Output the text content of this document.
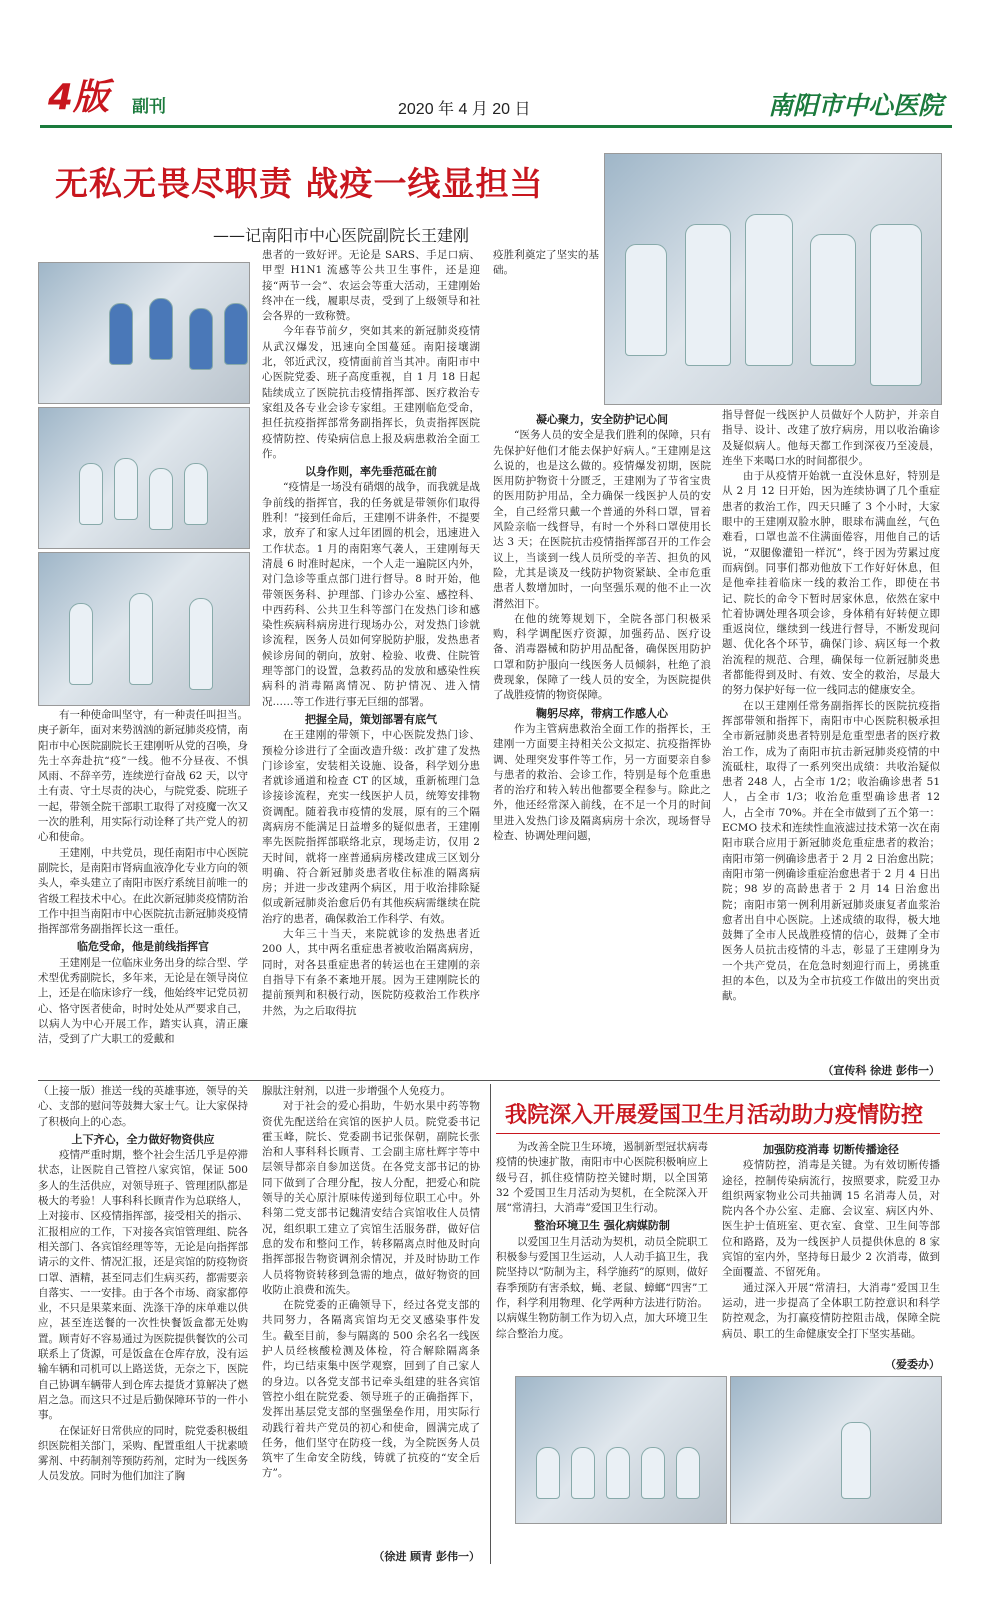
4版 副刊	2020 年 4 月 20 日	南阳市中心医院
无私无畏尽职责 战疫一线显担当
——记南阳市中心医院副院长王建刚

有一种使命叫坚守，有一种责任叫担当。庚子新年，面对来势汹汹的新冠肺炎疫情，南阳市中心医院副院长王建刚听从党的召唤，身先士卒奔赴抗“疫”一线。他不分昼夜、不惧风雨、不辞辛劳，连续逆行奋战 62 天，以守土有责、守土尽责的决心，与院党委、院班子一起，带领全院干部职工取得了对疫魔一次又一次的胜利，用实际行动诠释了共产党人的初心和使命。

王建刚，中共党员，现任南阳市中心医院副院长，是南阳市肾病血液净化专业方向的领头人，牵头建立了南阳市医疗系统目前唯一的省级工程技术中心。在此次新冠肺炎疫情防治工作中担当南阳市中心医院抗击新冠肺炎疫情指挥部常务副指挥长这一重任。

临危受命，他是前线指挥官

王建刚是一位临床业务出身的综合型、学术型优秀副院长，多年来，无论是在领导岗位上，还是在临床诊疗一线，他始终牢记党员初心、恪守医者使命，时时处处从严要求自己，以病人为中心开展工作，踏实认真，清正廉洁，受到了广大职工的爱戴和

患者的一致好评。无论是 SARS、手足口病、甲型 H1N1 流感等公共卫生事件，还是迎接“两节一会”、农运会等重大活动，王建刚始终冲在一线，履职尽责，受到了上级领导和社会各界的一致称赞。

今年春节前夕，突如其来的新冠肺炎疫情从武汉爆发，迅速向全国蔓延。南阳接壤湖北，邻近武汉，疫情面前首当其冲。南阳市中心医院党委、班子高度重视，自 1 月 18 日起陆续成立了医院抗击疫情指挥部、医疗救治专家组及各专业会诊专家组。王建刚临危受命，担任抗疫指挥部常务副指挥长，负责指挥医院疫情防控、传染病信息上报及病患救治全面工作。

以身作则，率先垂范砥在前

“疫情是一场没有硝烟的战争，而我就是战争前线的指挥官，我的任务就是带领你们取得胜利！”接到任命后，王建刚不讲条件，不提要求，放弃了和家人过年团圆的机会，迅速进入工作状态。1 月的南阳寒气袭人，王建刚每天清晨 6 时准时起床，一个人走一遍院区内外，对门急诊等重点部门进行督导。8 时开始，他带领医务科、护理部、门诊办公室、感控科、中西药科、公共卫生科等部门在发热门诊和感染性疾病科病房进行现场办公，对发热门诊就诊流程，医务人员如何穿脱防护服，发热患者候诊房间的朝向，放射、检验、收费、住院管理等部门的设置，急救药品的发放和感染性疾病科的消毒隔离情况、防护情况、进入情况……等工作进行事无巨细的部署。

把握全局，策划部署有底气

在王建刚的带领下，中心医院发热门诊、预检分诊进行了全面改造升级：改扩建了发热门诊诊室，安装相关设施、设备，科学划分患者就诊通道和检查 CT 的区域，重新梳理门急诊接诊流程，充实一线医护人员，统筹安排物资调配。随着我市疫情的发展，原有的三个隔离病房不能满足日益增多的疑似患者，王建刚率先医院指挥部联络北京，现场走访，仅用 2 天时间，就将一座普通病房楼改建成三区划分明确、符合新冠肺炎患者收住标准的隔离病房；并进一步改建两个病区，用于收治排除疑似或新冠肺炎治愈后仍有其他疾病需继续在院治疗的患者，确保救治工作科学、有效。

大年三十当天，来院就诊的发热患者近 200 人，其中两名重症患者被收治隔离病房，同时，对各县重症患者的转运也在王建刚的亲自指导下有条不紊地开展。因为王建刚院长的提前预判和积极行动，医院防疫救治工作秩序井然，为之后取得抗

疫胜利奠定了坚实的基础。

凝心聚力，安全防护记心间

“医务人员的安全是我们胜利的保障，只有先保护好他们才能去保护好病人。”王建刚是这么说的，也是这么做的。疫情爆发初期，医院医用防护物资十分匮乏，王建刚为了节省宝贵的医用防护用品，全力确保一线医护人员的安全，自己经常只戴一个普通的外科口罩，冒着风险亲临一线督导，有时一个外科口罩使用长达 3 天；在医院抗击疫情指挥部召开的工作会议上，当谈到一线人员所受的辛苦、担负的风险，尤其是谈及一线防护物资紧缺、全市危重患者人数增加时，一向坚强乐观的他不止一次潸然泪下。

在他的统筹规划下，全院各部门积极采购，科学调配医疗资源，加强药品、医疗设备、消毒器械和防护用品配备，确保医用防护口罩和防护服向一线医务人员倾斜，杜绝了浪费现象，保障了一线人员的安全，为医院提供了战胜疫情的物资保障。

鞠躬尽瘁，带病工作感人心

作为主管病患救治全面工作的指挥长，王建刚一方面要主持相关公文拟定、抗疫指挥协调、处理突发事件等工作，另一方面要亲自参与患者的救治、会诊工作，特别是每个危重患者的治疗和转入转出他都要全程参与。除此之外，他还经常深入前线，在不足一个月的时间里进入发热门诊及隔离病房十余次，现场督导检查、协调处理问题，

指导督促一线医护人员做好个人防护，并亲自指导、设计、改建了放疗病房，用以收治确诊及疑似病人。他每天都工作到深夜乃至凌晨，连坐下来喝口水的时间都很少。

由于从疫情开始就一直没休息好，特别是从 2 月 12 日开始，因为连续协调了几个重症患者的救治工作，四天只睡了 3 个小时，大家眼中的王建刚双脸水肿，眼球布满血丝，气色难看，口罩也盖不住满面倦容，用他自己的话说，“双腿像灌铅一样沉”，终于因为劳累过度而病倒。同事们都劝他放下工作好好休息，但是他牵挂着临床一线的救治工作，即使在书记、院长的命令下暂时居家休息，依然在家中忙着协调处理各项会诊，身体稍有好转便立即重返岗位，继续到一线进行督导，不断发现问题、优化各个环节，确保门诊、病区每一个救治流程的规范、合理，确保每一位新冠肺炎患者都能得到及时、有效、安全的救治，尽最大的努力保护好每一位一线同志的健康安全。

在以王建刚任常务副指挥长的医院抗疫指挥部带领和指挥下，南阳市中心医院积极承担全市新冠肺炎患者特别是危重型患者的医疗救治工作，成为了南阳市抗击新冠肺炎疫情的中流砥柱，取得了一系列突出成绩：共收治疑似患者 248 人，占全市 1/2；收治确诊患者 51 人，占全市 1/3；收治危重型确诊患者 12 人，占全市 70%。并在全市做到了五个第一：ECMO 技术和连续性血液滤过技术第一次在南阳市联合应用于新冠肺炎危重症患者的救治；南阳市第一例确诊患者于 2 月 2 日治愈出院；南阳市第一例确诊重症治愈患者于 2 月 4 日出院；98 岁的高龄患者于 2 月 14 日治愈出院；南阳市第一例利用新冠肺炎康复者血浆治愈者出自中心医院。上述成绩的取得，极大地鼓舞了全市人民战胜疫情的信心，鼓舞了全市医务人员抗击疫情的斗志，彰显了王建刚身为一个共产党员，在危急时刻迎行而上，勇挑重担的本色，以及为全市抗疫工作做出的突出贡献。

（宣传科 徐进 彭伟一）

（上接一版）推送一线的英雄事迹，领导的关心、支部的慰问等鼓舞大家士气。让大家保持了积极向上的心态。

上下齐心，全力做好物资供应

疫情严重时期，整个社会生活几乎是停滞状态，让医院自己管控八家宾馆，保证 500 多人的生活供应，对领导班子、管理团队都是极大的考验！人事科科长顾青作为总联络人，上对接市、区疫情指挥部，接受相关的指示、汇报相应的工作，下对接各宾馆管理组、院各相关部门、各宾馆经理等等，无论是向指挥部请示的文件、情况汇报，还是宾馆的防疫物资口罩、酒精，甚至同志们生病买药，都需要亲自落实、一一安排。由于各个市场、商家都停业，不只是果菜来面、洗涤干净的床单难以供应，甚至连送餐的一次性快餐饭盒都无处购置。顾青好不容易通过为医院提供餐饮的公司联系上了货源，可是饭盒在仓库存放，没有运输车辆和司机可以上路送货，无奈之下，医院自己协调车辆带人到仓库去提货才算解决了燃眉之急。而这只不过是后勤保障环节的一件小事。

在保证好日常供应的同时，院党委积极组织医院相关部门，采购、配置重组人干扰素喷雾剂、中药制剂等预防药剂，定时为一线医务人员发放。同时为他们加注了胸

腺肽注射剂，以进一步增强个人免疫力。

对于社会的爱心捐助，牛奶水果中药等物资优先配送给在宾馆的医护人员。院党委书记霍玉峰，院长、党委副书记张保朝，副院长张治和人事科科长顾青、工会副主席杜辉宇等中层领导都亲自参加送货。在各党支部书记的协同下做到了合理分配，按人分配，把爱心和院领导的关心原汁原味传递到每位职工心中。外科第二党支部书记魏清安结合宾馆收住人员情况，组织职工建立了宾馆生活服务群，做好信息的发布和整问工作，转移隔离点时他及时向指挥部报告物资调剂余情况，并及时协助工作人员将物资转移到急需的地点，做好物资的回收防止浪费和流失。

在院党委的正确领导下，经过各党支部的共同努力，各隔离宾馆均无交叉感染事件发生。截至目前，参与隔离的 500 余名名一线医护人员经核酸检测及体检，符合解除隔离条件，均已结束集中医学观察，回到了自己家人的身边。以各党支部书记牵头组建的驻各宾馆管控小组在院党委、领导班子的正确指挥下，发挥出基层党支部的坚强堡垒作用，用实际行动践行着共产党员的初心和使命，圆满完成了任务，他们坚守在防疫一线，为全院医务人员筑牢了生命安全防线，铸就了抗疫的“安全后方”。

（徐进 顾青 彭伟一）
我院深入开展爱国卫生月活动助力疫情防控

为改善全院卫生环境，遏制新型冠状病毒疫情的快速扩散，南阳市中心医院积极响应上级号召，抓住疫情防控关键时期，以全国第 32 个爱国卫生月活动为契机，在全院深入开展“常清扫，大消毒”爱国卫生行动。

整治环境卫生 强化病媒防制

以爱国卫生月活动为契机，动员全院职工积极参与爱国卫生运动，人人动手搞卫生，我院坚持以“防制为主，科学施药”的原则，做好春季预防有害杀蚊，蝇、老鼠、蟑螂“四害”工作，科学利用物理、化学两种方法进行防治。以病媒生物防制工作为切入点，加大环境卫生综合整治力度。

加强防疫消毒 切断传播途径

疫情防控，消毒是关键。为有效切断传播途径，控制传染病流行，按照要求，院爱卫办组织两家物业公司共抽调 15 名消毒人员，对院内各个办公室、走廊、会议室、病区内外、医生护士值班室、更衣室、食堂、卫生间等部位和路路，及为一线医护人员提供休息的 8 家宾馆的室内外，坚持每日最少 2 次消毒，做到全面覆盖、不留死角。

通过深入开展“常清扫，大消毒”爱国卫生运动，进一步提高了全体职工防控意识和科学防控观念，为打赢疫情防控阻击战，保障全院病员、职工的生命健康安全打下坚实基础。

（爱委办）
